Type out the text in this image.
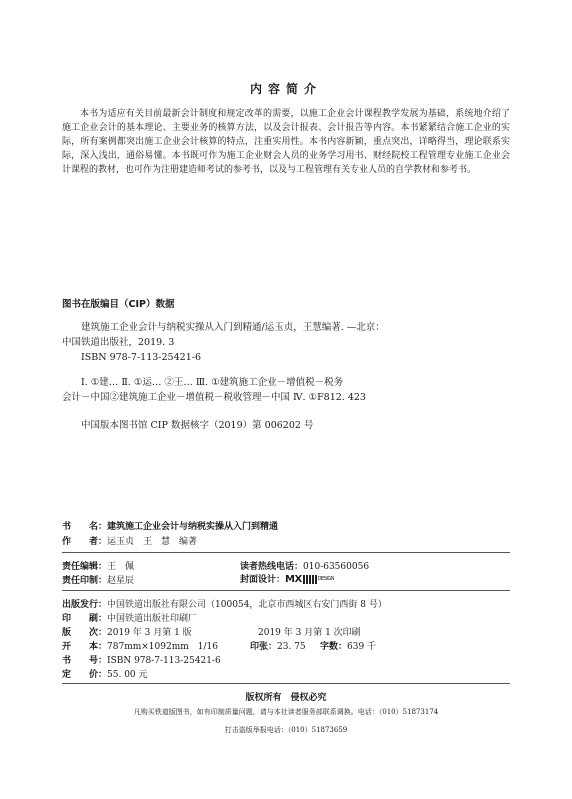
内容简介

本书为适应有关目前最新会计制度和规定改革的需要，以施工企业会计课程教学发展为基础，系统地介绍了施工企业会计的基本理论、主要业务的核算方法，以及会计报表、会计报告等内容。本书紧紧结合施工企业的实际，所有案例都突出施工企业会计核算的特点，注重实用性。本书内容新颖，重点突出，详略得当，理论联系实际，深入浅出，通俗易懂。本书既可作为施工企业财会人员的业务学习用书、财经院校工程管理专业施工企业会计课程的教材，也可作为注册建造师考试的参考书，以及与工程管理有关专业人员的自学教材和参考书。

图书在版编目（CIP）数据
建筑施工企业会计与纳税实操从入门到精通/运玉贞，王慧编著. —北京：
中国铁道出版社，2019. 3
ISBN 978-7-113-25421-6
Ⅰ. ①建… Ⅱ. ①运… ②王… Ⅲ. ①建筑施工企业－增值税－税务
会计－中国②建筑施工企业－增值税－税收管理－中国 Ⅳ. ①F812. 423
中国版本图书馆 CIP 数据核字（2019）第 006202 号
书　　名：建筑施工企业会计与纳税实操从入门到精通
作　　者：运玉贞　王　慧　编著
责任编辑：王　佩	读者热线电话：010-63560056
责任印制：赵星辰	封面设计：MX	DESIGN
出版发行：中国铁道出版社有限公司（100054，北京市西城区右安门西街 8 号）
印　　刷：中国铁道出版社印刷厂
版　　次：2019 年 3 月第 1 版	2019 年 3 月第 1 次印刷
开　　本：787mm×1092mm　1/16	印张：23. 75 字数：639 千
书　　号：ISBN 978-7-113-25421-6
定　　价：55. 00 元
版权所有　侵权必究
凡购买铁道版图书，如有印制质量问题，请与本社读者服务部联系调换。电话：（010）51873174
打击盗版举报电话：（010）51873659
